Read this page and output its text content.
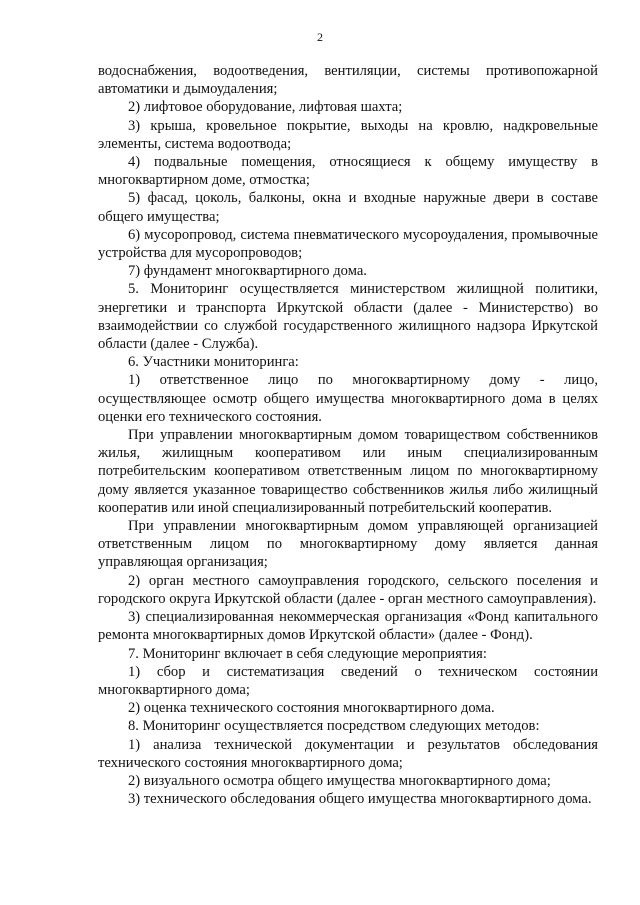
2

водоснабжения, водоотведения, вентиляции, системы противопожарной автоматики и дымоудаления;

2) лифтовое оборудование, лифтовая шахта;

3) крыша, кровельное покрытие, выходы на кровлю, надкровельные элементы, система водоотвода;

4) подвальные помещения, относящиеся к общему имуществу в многоквартирном доме, отмостка;

5) фасад, цоколь, балконы, окна и входные наружные двери в составе общего имущества;

6) мусоропровод, система пневматического мусороудаления, промывочные устройства для мусоропроводов;

7) фундамент многоквартирного дома.

5. Мониторинг осуществляется министерством жилищной политики, энергетики и транспорта Иркутской области (далее - Министерство) во взаимодействии со службой государственного жилищного надзора Иркутской области (далее - Служба).

6. Участники мониторинга:

1) ответственное лицо по многоквартирному дому - лицо, осуществляющее осмотр общего имущества многоквартирного дома в целях оценки его технического состояния.

При управлении многоквартирным домом товариществом собственников жилья, жилищным кооперативом или иным специализированным потребительским кооперативом ответственным лицом по многоквартирному дому является указанное товарищество собственников жилья либо жилищный кооператив или иной специализированный потребительский кооператив.

При управлении многоквартирным домом управляющей организацией ответственным лицом по многоквартирному дому является данная управляющая организация;

2) орган местного самоуправления городского, сельского поселения и городского округа Иркутской области (далее - орган местного самоуправления).

3) специализированная некоммерческая организация «Фонд капитального ремонта многоквартирных домов Иркутской области» (далее - Фонд).

7. Мониторинг включает в себя следующие мероприятия:

1) сбор и систематизация сведений о техническом состоянии многоквартирного дома;

2) оценка технического состояния многоквартирного дома.

8. Мониторинг осуществляется посредством следующих методов:

1) анализа технической документации и результатов обследования технического состояния многоквартирного дома;

2) визуального осмотра общего имущества многоквартирного дома;

3) технического обследования общего имущества многоквартирного дома.
